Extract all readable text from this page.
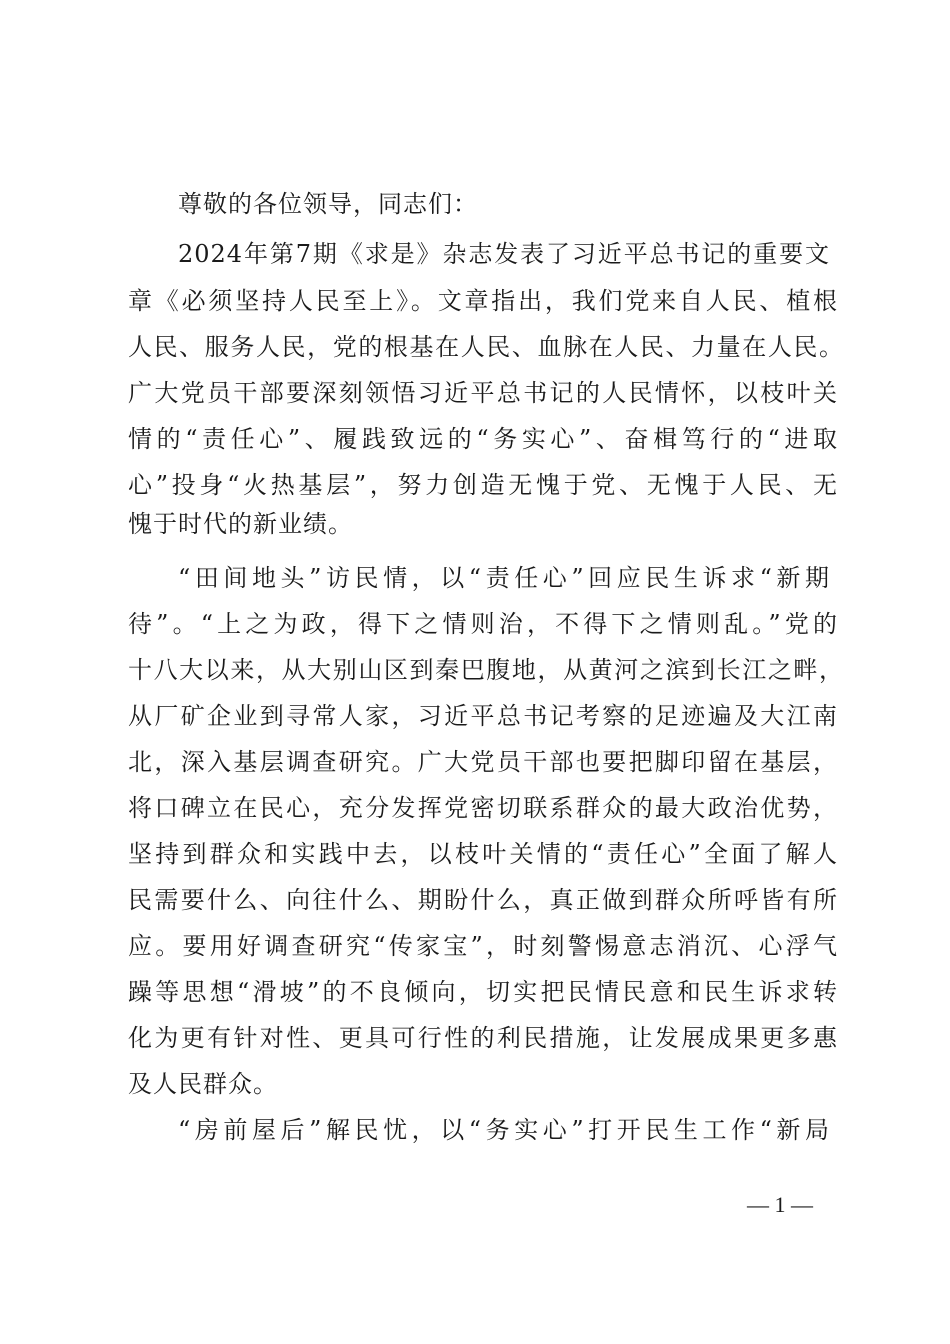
尊敬的各位领导，同志们：
2024年第7期《求是》杂志发表了习近平总书记的重要文
章《必须坚持人民至上》。文章指出，我们党来自人民、植根
人民、服务人民，党的根基在人民、血脉在人民、力量在人民。
广大党员干部要深刻领悟习近平总书记的人民情怀，以枝叶关
情的“责任心”、履践致远的“务实心”、奋楫笃行的“进取
心”投身“火热基层”，努力创造无愧于党、无愧于人民、无
愧于时代的新业绩。
“田间地头”访民情，以“责任心”回应民生诉求“新期
待”。“上之为政，得下之情则治，不得下之情则乱。”党的
十八大以来，从大别山区到秦巴腹地，从黄河之滨到长江之畔，
从厂矿企业到寻常人家，习近平总书记考察的足迹遍及大江南
北，深入基层调查研究。广大党员干部也要把脚印留在基层，
将口碑立在民心，充分发挥党密切联系群众的最大政治优势，
坚持到群众和实践中去，以枝叶关情的“责任心”全面了解人
民需要什么、向往什么、期盼什么，真正做到群众所呼皆有所
应。要用好调查研究“传家宝”，时刻警惕意志消沉、心浮气
躁等思想“滑坡”的不良倾向，切实把民情民意和民生诉求转
化为更有针对性、更具可行性的利民措施，让发展成果更多惠
及人民群众。
“房前屋后”解民忧，以“务实心”打开民生工作“新局
— 1 —
